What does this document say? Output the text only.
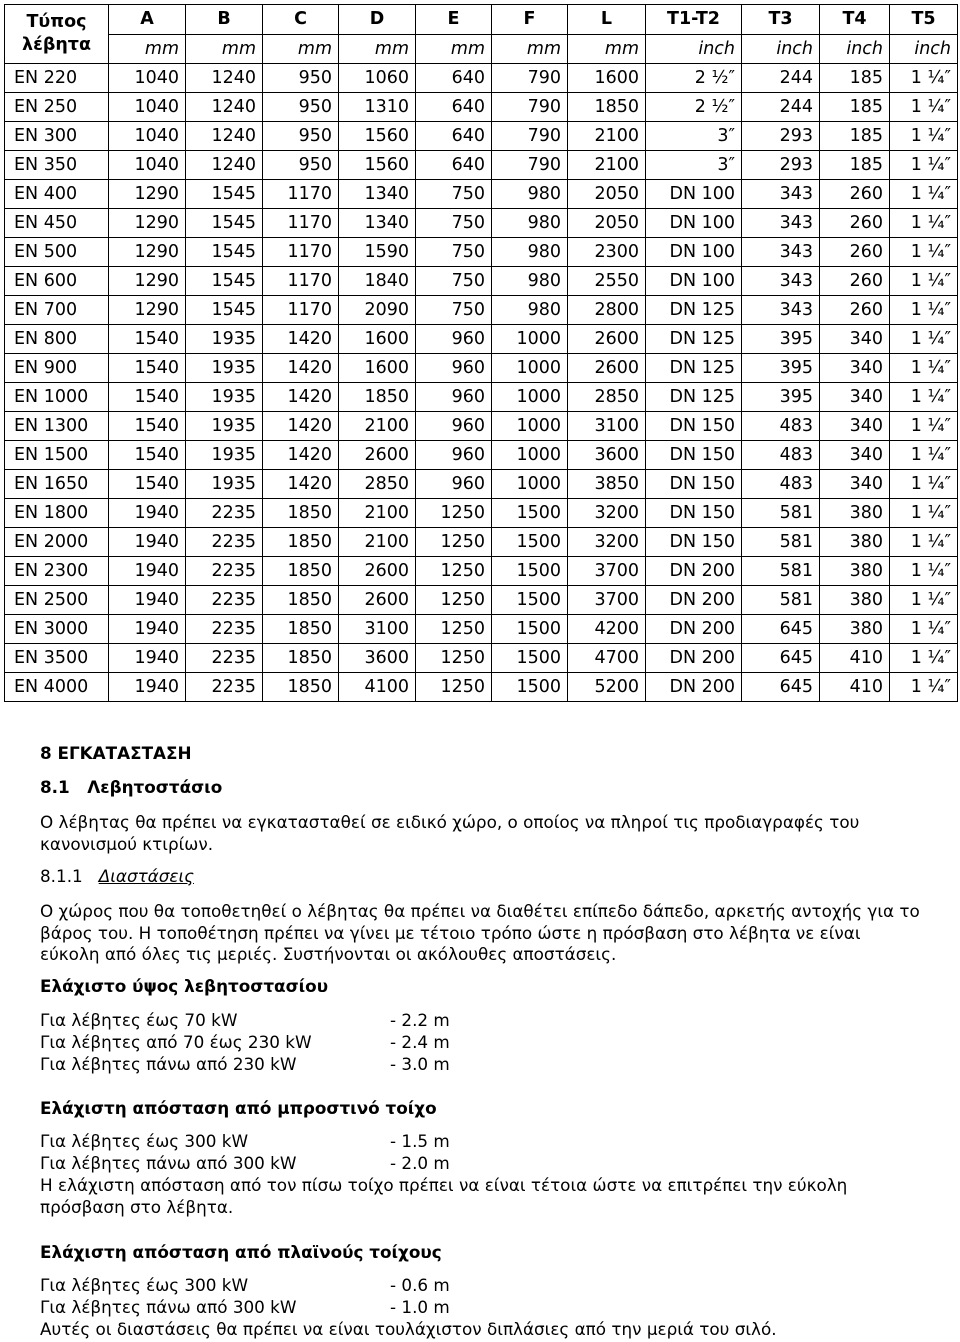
Τύπος
λέβητα	A	B	C	D	E	F	L	T1-T2	T3	T4	T5
	mm	mm	mm	mm	mm	mm	mm	inch	inch	inch	inch
EN 220	1040	1240	950	1060	640	790	1600	2 ½″	244	185	1 ¼″
EN 250	1040	1240	950	1310	640	790	1850	2 ½″	244	185	1 ¼″
EN 300	1040	1240	950	1560	640	790	2100	3″	293	185	1 ¼″
EN 350	1040	1240	950	1560	640	790	2100	3″	293	185	1 ¼″
EN 400	1290	1545	1170	1340	750	980	2050	DN 100	343	260	1 ¼″
EN 450	1290	1545	1170	1340	750	980	2050	DN 100	343	260	1 ¼″
EN 500	1290	1545	1170	1590	750	980	2300	DN 100	343	260	1 ¼″
EN 600	1290	1545	1170	1840	750	980	2550	DN 100	343	260	1 ¼″
EN 700	1290	1545	1170	2090	750	980	2800	DN 125	343	260	1 ¼″
EN 800	1540	1935	1420	1600	960	1000	2600	DN 125	395	340	1 ¼″
EN 900	1540	1935	1420	1600	960	1000	2600	DN 125	395	340	1 ¼″
EN 1000	1540	1935	1420	1850	960	1000	2850	DN 125	395	340	1 ¼″
EN 1300	1540	1935	1420	2100	960	1000	3100	DN 150	483	340	1 ¼″
EN 1500	1540	1935	1420	2600	960	1000	3600	DN 150	483	340	1 ¼″
EN 1650	1540	1935	1420	2850	960	1000	3850	DN 150	483	340	1 ¼″
EN 1800	1940	2235	1850	2100	1250	1500	3200	DN 150	581	380	1 ¼″
EN 2000	1940	2235	1850	2100	1250	1500	3200	DN 150	581	380	1 ¼″
EN 2300	1940	2235	1850	2600	1250	1500	3700	DN 200	581	380	1 ¼″
EN 2500	1940	2235	1850	2600	1250	1500	3700	DN 200	581	380	1 ¼″
EN 3000	1940	2235	1850	3100	1250	1500	4200	DN 200	645	380	1 ¼″
EN 3500	1940	2235	1850	3600	1250	1500	4700	DN 200	645	410	1 ¼″
EN 4000	1940	2235	1850	4100	1250	1500	5200	DN 200	645	410	1 ¼″
8 ΕΓΚΑΤΑΣΤΑΣΗ
8.1 Λεβητοστάσιο
Ο λέβητας θα πρέπει να εγκατασταθεί σε ειδικό χώρο, ο οποίος να πληροί τις προδιαγραφές του κανονισμού κτιρίων.
8.1.1 Διαστάσεις
Ο χώρος που θα τοποθετηθεί ο λέβητας θα πρέπει να διαθέτει επίπεδο δάπεδο, αρκετής αντοχής για το βάρος του. Η τοποθέτηση πρέπει να γίνει με τέτοιο τρόπο ώστε η πρόσβαση στο λέβητα νε είναι εύκολη από όλες τις μεριές. Συστήνονται οι ακόλουθες αποστάσεις.
Ελάχιστο ύψος λεβητοστασίου
Για λέβητες έως 70 kW	- 2.2 m
Για λέβητες από 70 έως 230 kW	- 2.4 m
Για λέβητες πάνω από 230 kW	- 3.0 m
Ελάχιστη απόσταση από μπροστινό τοίχο
Για λέβητες έως 300 kW	- 1.5 m
Για λέβητες πάνω από 300 kW	- 2.0 m
Η ελάχιστη απόσταση από τον πίσω τοίχο πρέπει να είναι τέτοια ώστε να επιτρέπει την εύκολη πρόσβαση στο λέβητα.
Ελάχιστη απόσταση από πλαϊνούς τοίχους
Για λέβητες έως 300 kW	- 0.6 m
Για λέβητες πάνω από 300 kW	- 1.0 m
Αυτές οι διαστάσεις θα πρέπει να είναι τουλάχιστον διπλάσιες από την μεριά του σιλό.
